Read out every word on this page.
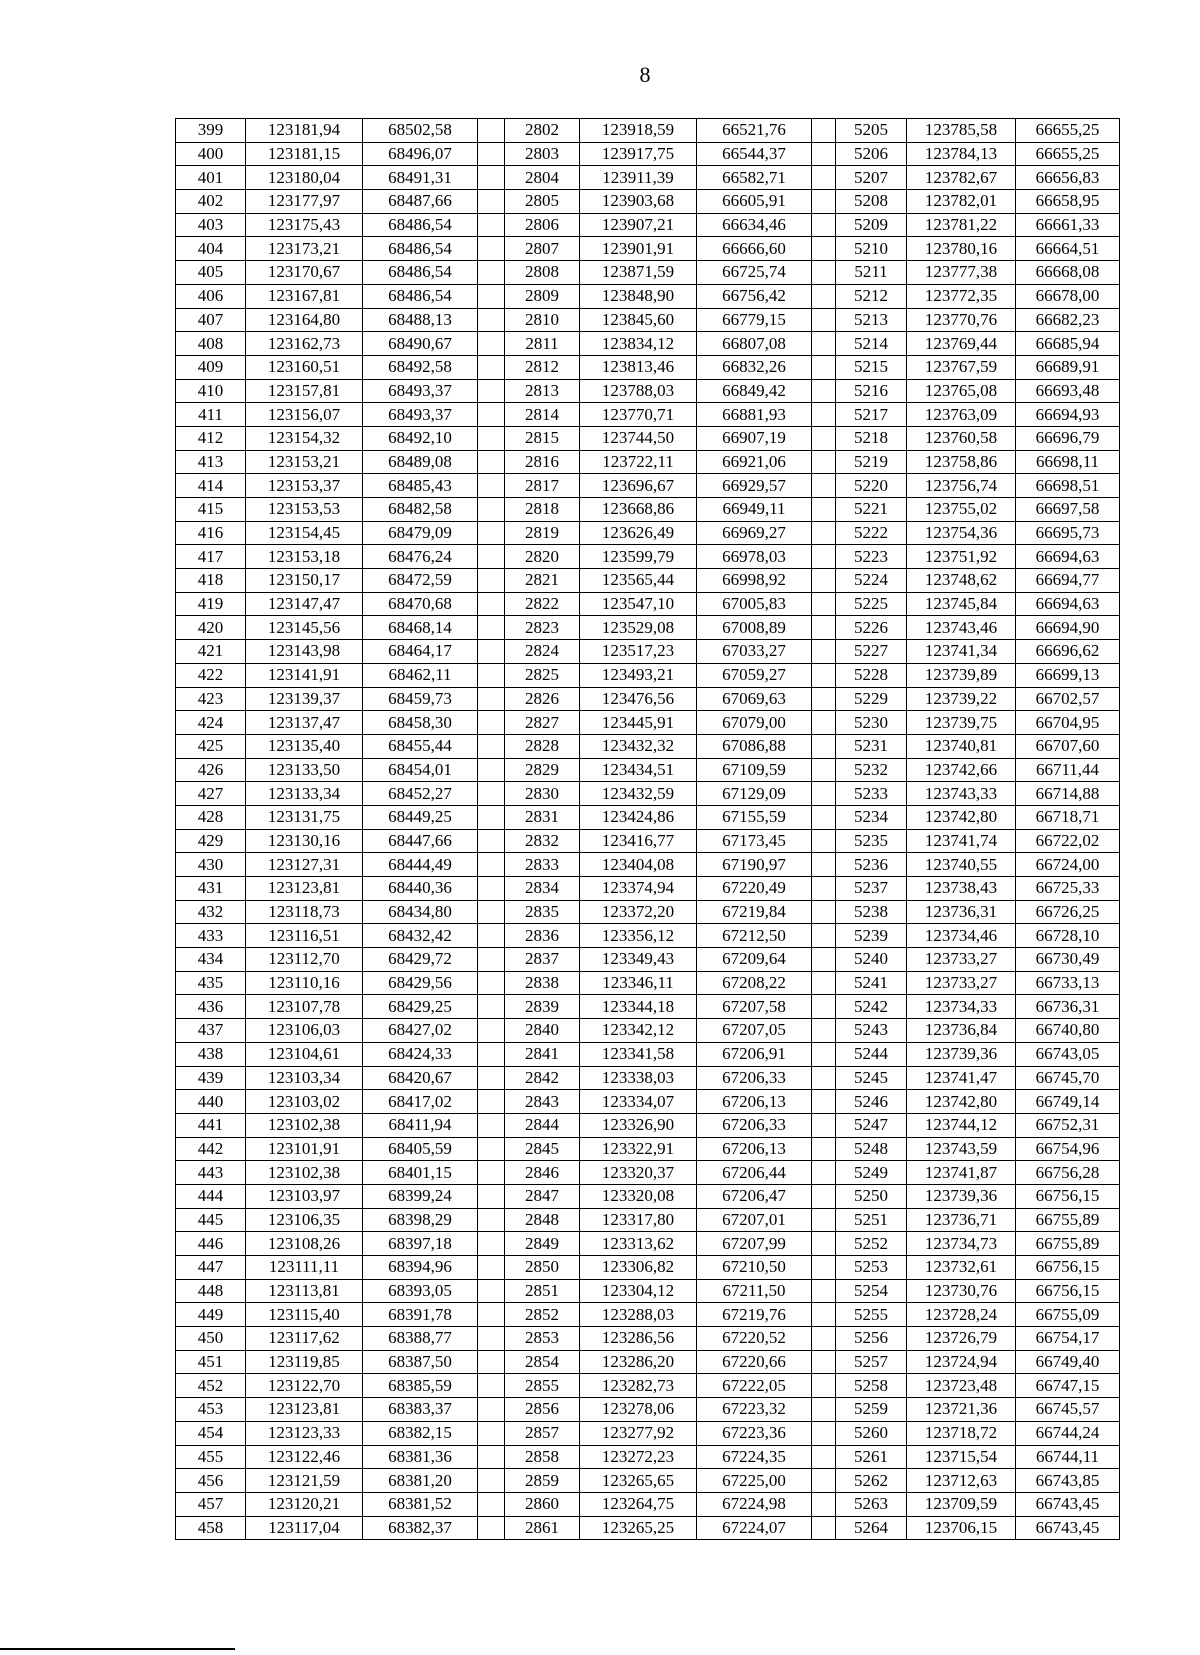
8
399	123181,94	68502,58		2802	123918,59	66521,76		5205	123785,58	66655,25
400	123181,15	68496,07		2803	123917,75	66544,37		5206	123784,13	66655,25
401	123180,04	68491,31		2804	123911,39	66582,71		5207	123782,67	66656,83
402	123177,97	68487,66		2805	123903,68	66605,91		5208	123782,01	66658,95
403	123175,43	68486,54		2806	123907,21	66634,46		5209	123781,22	66661,33
404	123173,21	68486,54		2807	123901,91	66666,60		5210	123780,16	66664,51
405	123170,67	68486,54		2808	123871,59	66725,74		5211	123777,38	66668,08
406	123167,81	68486,54		2809	123848,90	66756,42		5212	123772,35	66678,00
407	123164,80	68488,13		2810	123845,60	66779,15		5213	123770,76	66682,23
408	123162,73	68490,67		2811	123834,12	66807,08		5214	123769,44	66685,94
409	123160,51	68492,58		2812	123813,46	66832,26		5215	123767,59	66689,91
410	123157,81	68493,37		2813	123788,03	66849,42		5216	123765,08	66693,48
411	123156,07	68493,37		2814	123770,71	66881,93		5217	123763,09	66694,93
412	123154,32	68492,10		2815	123744,50	66907,19		5218	123760,58	66696,79
413	123153,21	68489,08		2816	123722,11	66921,06		5219	123758,86	66698,11
414	123153,37	68485,43		2817	123696,67	66929,57		5220	123756,74	66698,51
415	123153,53	68482,58		2818	123668,86	66949,11		5221	123755,02	66697,58
416	123154,45	68479,09		2819	123626,49	66969,27		5222	123754,36	66695,73
417	123153,18	68476,24		2820	123599,79	66978,03		5223	123751,92	66694,63
418	123150,17	68472,59		2821	123565,44	66998,92		5224	123748,62	66694,77
419	123147,47	68470,68		2822	123547,10	67005,83		5225	123745,84	66694,63
420	123145,56	68468,14		2823	123529,08	67008,89		5226	123743,46	66694,90
421	123143,98	68464,17		2824	123517,23	67033,27		5227	123741,34	66696,62
422	123141,91	68462,11		2825	123493,21	67059,27		5228	123739,89	66699,13
423	123139,37	68459,73		2826	123476,56	67069,63		5229	123739,22	66702,57
424	123137,47	68458,30		2827	123445,91	67079,00		5230	123739,75	66704,95
425	123135,40	68455,44		2828	123432,32	67086,88		5231	123740,81	66707,60
426	123133,50	68454,01		2829	123434,51	67109,59		5232	123742,66	66711,44
427	123133,34	68452,27		2830	123432,59	67129,09		5233	123743,33	66714,88
428	123131,75	68449,25		2831	123424,86	67155,59		5234	123742,80	66718,71
429	123130,16	68447,66		2832	123416,77	67173,45		5235	123741,74	66722,02
430	123127,31	68444,49		2833	123404,08	67190,97		5236	123740,55	66724,00
431	123123,81	68440,36		2834	123374,94	67220,49		5237	123738,43	66725,33
432	123118,73	68434,80		2835	123372,20	67219,84		5238	123736,31	66726,25
433	123116,51	68432,42		2836	123356,12	67212,50		5239	123734,46	66728,10
434	123112,70	68429,72		2837	123349,43	67209,64		5240	123733,27	66730,49
435	123110,16	68429,56		2838	123346,11	67208,22		5241	123733,27	66733,13
436	123107,78	68429,25		2839	123344,18	67207,58		5242	123734,33	66736,31
437	123106,03	68427,02		2840	123342,12	67207,05		5243	123736,84	66740,80
438	123104,61	68424,33		2841	123341,58	67206,91		5244	123739,36	66743,05
439	123103,34	68420,67		2842	123338,03	67206,33		5245	123741,47	66745,70
440	123103,02	68417,02		2843	123334,07	67206,13		5246	123742,80	66749,14
441	123102,38	68411,94		2844	123326,90	67206,33		5247	123744,12	66752,31
442	123101,91	68405,59		2845	123322,91	67206,13		5248	123743,59	66754,96
443	123102,38	68401,15		2846	123320,37	67206,44		5249	123741,87	66756,28
444	123103,97	68399,24		2847	123320,08	67206,47		5250	123739,36	66756,15
445	123106,35	68398,29		2848	123317,80	67207,01		5251	123736,71	66755,89
446	123108,26	68397,18		2849	123313,62	67207,99		5252	123734,73	66755,89
447	123111,11	68394,96		2850	123306,82	67210,50		5253	123732,61	66756,15
448	123113,81	68393,05		2851	123304,12	67211,50		5254	123730,76	66756,15
449	123115,40	68391,78		2852	123288,03	67219,76		5255	123728,24	66755,09
450	123117,62	68388,77		2853	123286,56	67220,52		5256	123726,79	66754,17
451	123119,85	68387,50		2854	123286,20	67220,66		5257	123724,94	66749,40
452	123122,70	68385,59		2855	123282,73	67222,05		5258	123723,48	66747,15
453	123123,81	68383,37		2856	123278,06	67223,32		5259	123721,36	66745,57
454	123123,33	68382,15		2857	123277,92	67223,36		5260	123718,72	66744,24
455	123122,46	68381,36		2858	123272,23	67224,35		5261	123715,54	66744,11
456	123121,59	68381,20		2859	123265,65	67225,00		5262	123712,63	66743,85
457	123120,21	68381,52		2860	123264,75	67224,98		5263	123709,59	66743,45
458	123117,04	68382,37		2861	123265,25	67224,07		5264	123706,15	66743,45
